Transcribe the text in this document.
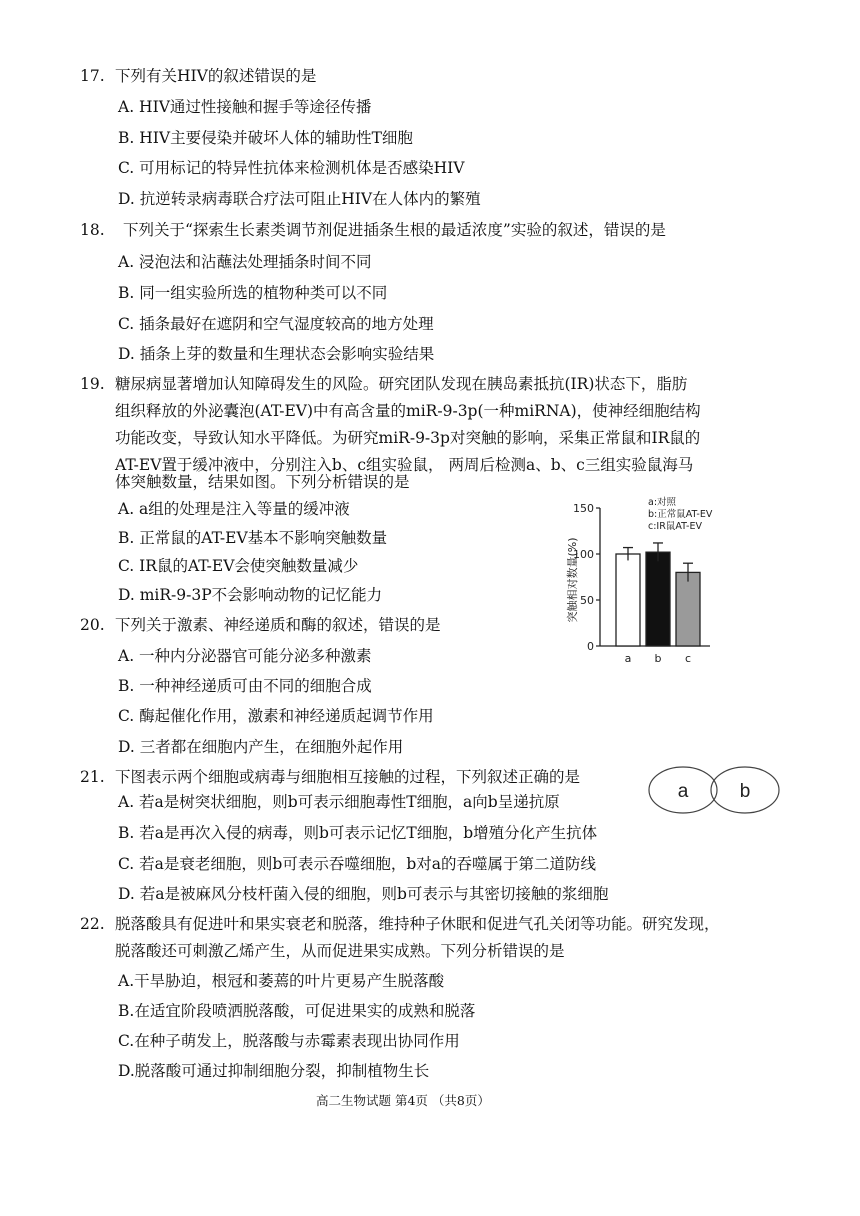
17. 下列有关HIV的叙述错误的是
A. HIV通过性接触和握手等途径传播
B. HIV主要侵染并破坏人体的辅助性T细胞
C. 可用标记的特异性抗体来检测机体是否感染HIV
D. 抗逆转录病毒联合疗法可阻止HIV在人体内的繁殖
18. 下列关于“探索生长素类调节剂促进插条生根的最适浓度”实验的叙述，错误的是
A. 浸泡法和沾蘸法处理插条时间不同
B. 同一组实验所选的植物种类可以不同
C. 插条最好在遮阴和空气湿度较高的地方处理
D. 插条上芽的数量和生理状态会影响实验结果
19. 糖尿病显著增加认知障碍发生的风险。研究团队发现在胰岛素抵抗(IR)状态下，脂肪
组织释放的外泌囊泡(AT-EV)中有高含量的miR-9-3p(一种miRNA)，使神经细胞结构
功能改变，导致认知水平降低。为研究miR-9-3p对突触的影响，采集正常鼠和IR鼠的
AT-EV置于缓冲液中，分别注入b、c组实验鼠， 两周后检测a、b、c三组实验鼠海马
体突触数量，结果如图。下列分析错误的是
A. a组的处理是注入等量的缓冲液
B. 正常鼠的AT-EV基本不影响突触数量
C. IR鼠的AT-EV会使突触数量减少
D. miR-9-3P不会影响动物的记忆能力
0
50
100
150
a b c
a:对照
b:正常鼠AT-EV
c:IR鼠AT-EV
突触相对数量(%)
20. 下列关于激素、神经递质和酶的叙述，错误的是
A. 一种内分泌器官可能分泌多种激素
B. 一种神经递质可由不同的细胞合成
C. 酶起催化作用，激素和神经递质起调节作用
D. 三者都在细胞内产生，在细胞外起作用
21. 下图表示两个细胞或病毒与细胞相互接触的过程，下列叙述正确的是
A. 若a是树突状细胞，则b可表示细胞毒性T细胞，a向b呈递抗原
B. 若a是再次入侵的病毒，则b可表示记忆T细胞，b增殖分化产生抗体
C. 若a是衰老细胞，则b可表示吞噬细胞，b对a的吞噬属于第二道防线
D. 若a是被麻风分枝杆菌入侵的细胞，则b可表示与其密切接触的浆细胞
a	b
22. 脱落酸具有促进叶和果实衰老和脱落，维持种子休眠和促进气孔关闭等功能。研究发现，
脱落酸还可刺激乙烯产生，从而促进果实成熟。下列分析错误的是
A.干旱胁迫，根冠和萎蔫的叶片更易产生脱落酸
B.在适宜阶段喷洒脱落酸，可促进果实的成熟和脱落
C.在种子萌发上，脱落酸与赤霉素表现出协同作用
D.脱落酸可通过抑制细胞分裂，抑制植物生长
高二生物试题 第4页 （共8页）
